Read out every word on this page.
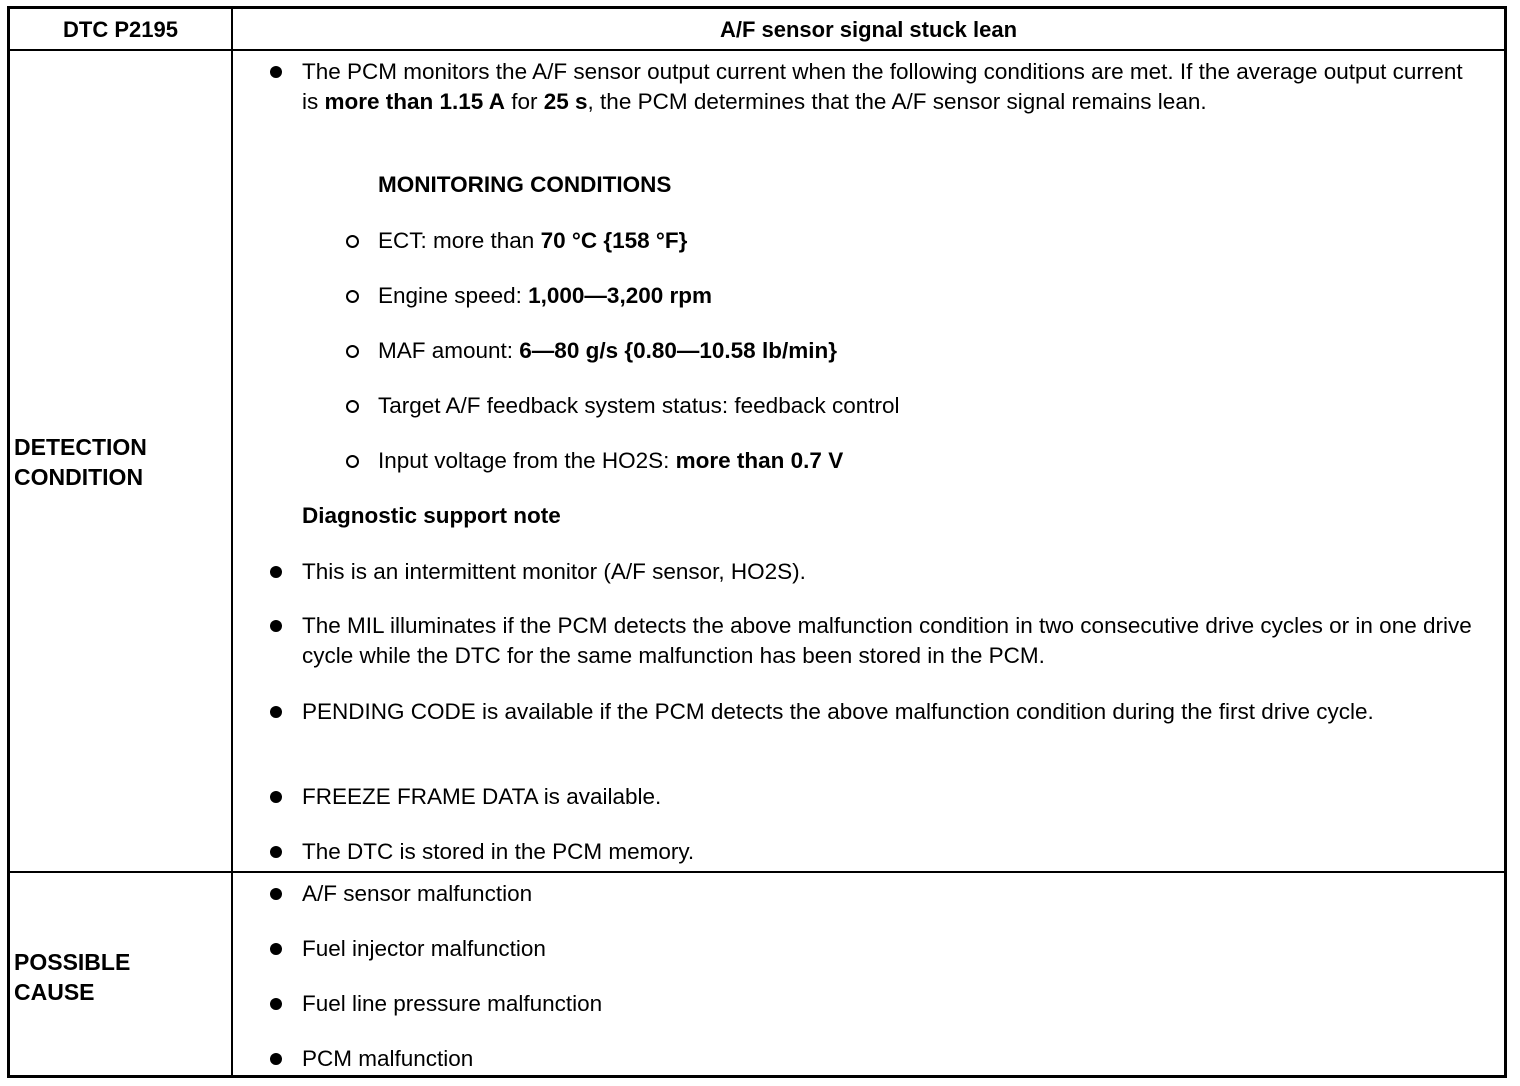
DTC P2195	A/F sensor signal stuck lean
DETECTION
CONDITION
POSSIBLE
CAUSE
The PCM monitors the A/F sensor output current when the following conditions are met. If the average output current is more than 1.15 A for 25 s, the PCM determines that the A/F sensor signal remains lean.
MONITORING CONDITIONS
ECT: more than 70 °C {158 °F}
Engine speed: 1,000—3,200 rpm
MAF amount: 6—80 g/s {0.80—10.58 lb/min}
Target A/F feedback system status: feedback control
Input voltage from the HO2S: more than 0.7 V
Diagnostic support note
This is an intermittent monitor (A/F sensor, HO2S).
The MIL illuminates if the PCM detects the above malfunction condition in two consecutive drive cycles or in one drive cycle while the DTC for the same malfunction has been stored in the PCM.
PENDING CODE is available if the PCM detects the above malfunction condition during the first drive cycle.
FREEZE FRAME DATA is available.
The DTC is stored in the PCM memory.
A/F sensor malfunction
Fuel injector malfunction
Fuel line pressure malfunction
PCM malfunction
